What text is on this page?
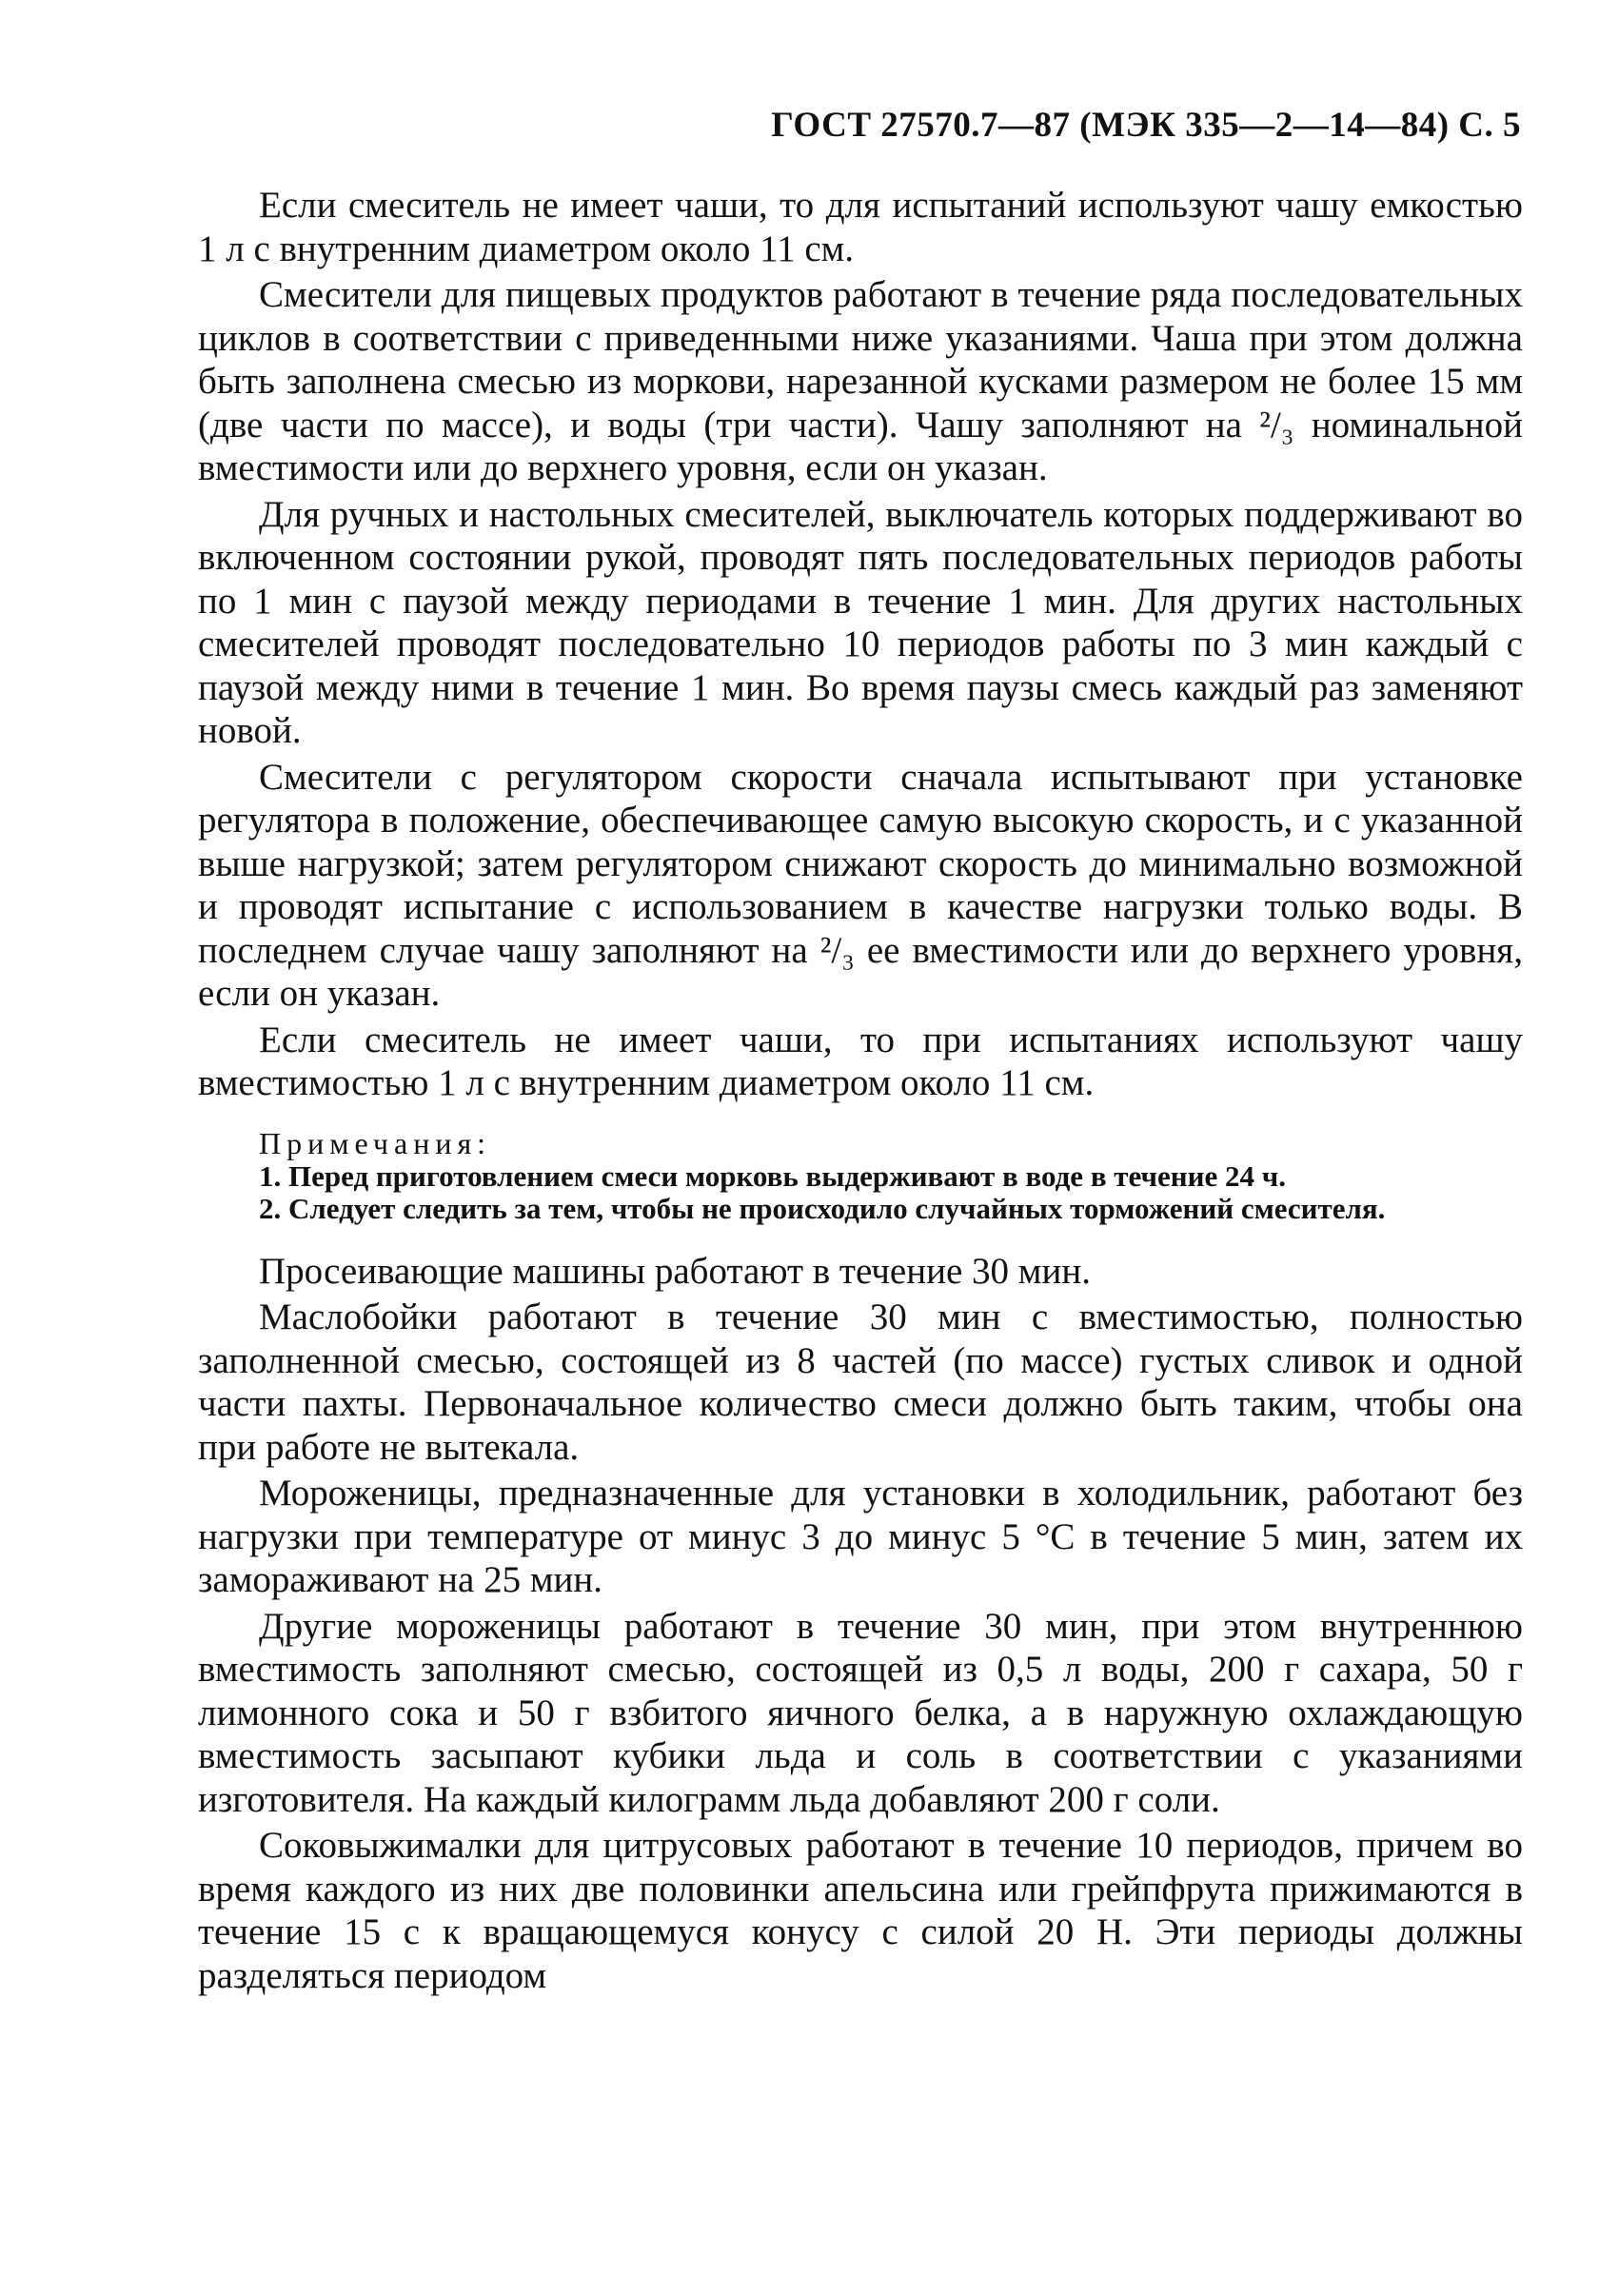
ГОСТ 27570.7—87 (МЭК 335—2—14—84) С. 5

Если смеситель не имеет чаши, то для испытаний используют чашу емкостью 1 л с внутренним диаметром около 11 см.

Смесители для пищевых продуктов работают в течение ряда последовательных циклов в соответствии с приведенными ниже указаниями. Чаша при этом должна быть заполнена смесью из моркови, нарезанной кусками размером не более 15 мм (две части по массе), и воды (три части). Чашу заполняют на ²/₃ номинальной вместимости или до верхнего уровня, если он указан.

Для ручных и настольных смесителей, выключатель которых поддерживают во включенном состоянии рукой, проводят пять последовательных периодов работы по 1 мин с паузой между периодами в течение 1 мин. Для других настольных смесителей проводят последовательно 10 периодов работы по 3 мин каждый с паузой между ними в течение 1 мин. Во время паузы смесь каждый раз заменяют новой.

Смесители с регулятором скорости сначала испытывают при установке регулятора в положение, обеспечивающее самую высокую скорость, и с указанной выше нагрузкой; затем регулятором снижают скорость до минимально возможной и проводят испытание с использованием в качестве нагрузки только воды. В последнем случае чашу заполняют на ²/₃ ее вместимости или до верхнего уровня, если он указан.

Если смеситель не имеет чаши, то при испытаниях используют чашу вместимостью 1 л с внутренним диаметром около 11 см.

Примечания:

1. Перед приготовлением смеси морковь выдерживают в воде в течение 24 ч.

2. Следует следить за тем, чтобы не происходило случайных торможений смесителя.

Просеивающие машины работают в течение 30 мин.

Маслобойки работают в течение 30 мин с вместимостью, полностью заполненной смесью, состоящей из 8 частей (по массе) густых сливок и одной части пахты. Первоначальное количество смеси должно быть таким, чтобы она при работе не вытекала.

Мороженицы, предназначенные для установки в холодильник, работают без нагрузки при температуре от минус 3 до минус 5 °С в течение 5 мин, затем их замораживают на 25 мин.

Другие мороженицы работают в течение 30 мин, при этом внутреннюю вместимость заполняют смесью, состоящей из 0,5 л воды, 200 г сахара, 50 г лимонного сока и 50 г взбитого яичного белка, а в наружную охлаждающую вместимость засыпают кубики льда и соль в соответствии с указаниями изготовителя. На каждый килограмм льда добавляют 200 г соли.

Соковыжималки для цитрусовых работают в течение 10 периодов, причем во время каждого из них две половинки апельсина или грейпфрута прижимаются в течение 15 с к вращающемуся конусу с силой 20 Н. Эти периоды должны разделяться периодом
